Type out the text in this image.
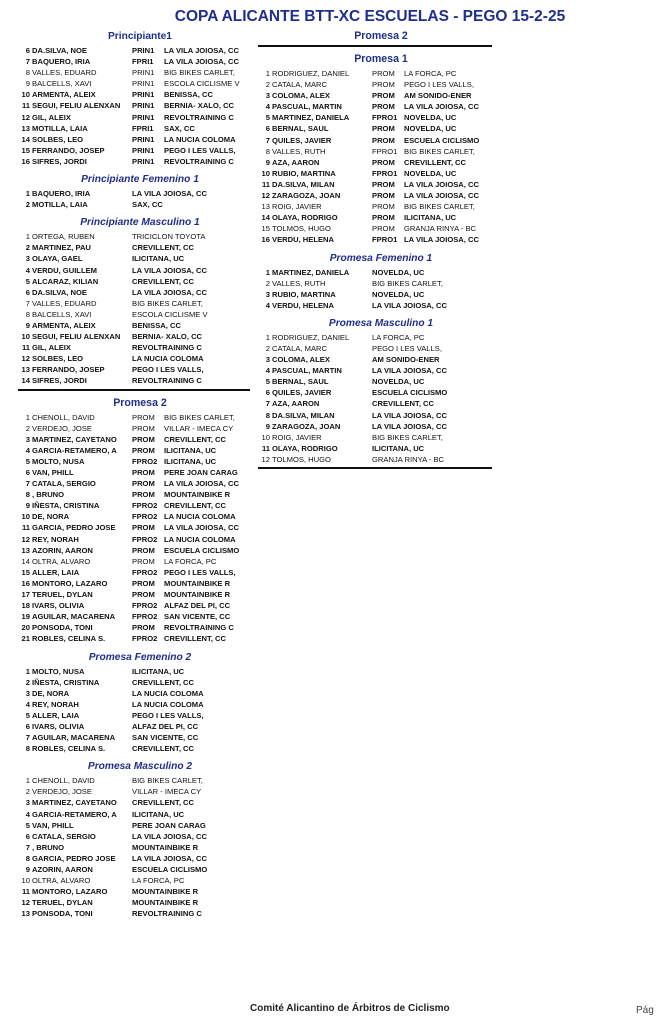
COPA ALICANTE BTT-XC ESCUELAS - PEGO 15-2-25
Principiante1
6 DA.SILVA, NOE	PRIN1	LA VILA JOIOSA, CC
7 BAQUERO, IRIA	FPRI1	LA VILA JOIOSA, CC
8 VALLES, EDUARD	PRIN1	BIG BIKES CARLET,
9 BALCELLS, XAVI	PRIN1	ESCOLA CICLISME V
10 ARMENTA, ALEIX	PRIN1	BENISSA, CC
11 SEGUI, FELIU ALENXAN	PRIN1	BERNIA- XALO, CC
12 GIL, ALEIX	PRIN1	REVOLTRAINING C
13 MOTILLA, LAIA	FPRI1	SAX, CC
14 SOLBES, LEO	PRIN1	LA NUCIA COLOMA
15 FERRANDO, JOSEP	PRIN1	PEGO I LES VALLS,
16 SIFRES, JORDI	PRIN1	REVOLTRAINING C
Principiante Femenino 1
1 BAQUERO, IRIA	LA VILA JOIOSA, CC
2 MOTILLA, LAIA	SAX, CC
Principiante Masculino 1
1 ORTEGA, RUBEN	TRICICLON TOYOTA
2 MARTINEZ, PAU	CREVILLENT, CC
3 OLAYA, GAEL	ILICITANA, UC
4 VERDU, GUILLEM	LA VILA JOIOSA, CC
5 ALCARAZ, KILIAN	CREVILLENT, CC
6 DA.SILVA, NOE	LA VILA JOIOSA, CC
7 VALLES, EDUARD	BIG BIKES CARLET,
8 BALCELLS, XAVI	ESCOLA CICLISME V
9 ARMENTA, ALEIX	BENISSA, CC
10 SEGUI, FELIU ALENXAN	BERNIA- XALO, CC
11 GIL, ALEIX	REVOLTRAINING C
12 SOLBES, LEO	LA NUCIA COLOMA
13 FERRANDO, JOSEP	PEGO I LES VALLS,
14 SIFRES, JORDI	REVOLTRAINING C
Promesa 2
1 CHENOLL, DAVID	PROM	BIG BIKES CARLET,
2 VERDEJO, JOSE	PROM	VILLAR - IMECA CY
3 MARTINEZ, CAYETANO	PROM	CREVILLENT, CC
4 GARCIA-RETAMERO, A	PROM	ILICITANA, UC
5 MOLTO, NUSA	FPRO2 ILICITANA, UC
6 VAN, PHILL	PROM	PERE JOAN CARAG
7 CATALA, SERGIO	PROM	LA VILA JOIOSA, CC
8 , BRUNO	PROM	MOUNTAINBIKE R
9 IÑESTA, CRISTINA	FPRO2 CREVILLENT, CC
10 DE, NORA	FPRO2 LA NUCIA COLOMA
11 GARCIA, PEDRO JOSE	PROM	LA VILA JOIOSA, CC
12 REY, NORAH	FPRO2 LA NUCIA COLOMA
13 AZORIN, AARON	PROM	ESCUELA CICLISMO
14 OLTRA, ALVARO	PROM	LA FORCA, PC
15 ALLER, LAIA	FPRO2 PEGO I LES VALLS,
16 MONTORO, LAZARO	PROM	MOUNTAINBIKE R
17 TERUEL, DYLAN	PROM	MOUNTAINBIKE R
18 IVARS, OLIVIA	FPRO2 ALFAZ DEL PI, CC
19 AGUILAR, MACARENA	FPRO2 SAN VICENTE, CC
20 PONSODA, TONI	PROM	REVOLTRAINING C
21 ROBLES, CELINA S.	FPRO2 CREVILLENT, CC
Promesa Femenino 2
1 MOLTO, NUSA	ILICITANA, UC
2 IÑESTA, CRISTINA	CREVILLENT, CC
3 DE, NORA	LA NUCIA COLOMA
4 REY, NORAH	LA NUCIA COLOMA
5 ALLER, LAIA	PEGO I LES VALLS,
6 IVARS, OLIVIA	ALFAZ DEL PI, CC
7 AGUILAR, MACARENA	SAN VICENTE, CC
8 ROBLES, CELINA S.	CREVILLENT, CC
Promesa Masculino 2
1 CHENOLL, DAVID	BIG BIKES CARLET,
2 VERDEJO, JOSE	VILLAR - IMECA CY
3 MARTINEZ, CAYETANO	CREVILLENT, CC
4 GARCIA-RETAMERO, A	ILICITANA, UC
5 VAN, PHILL	PERE JOAN CARAG
6 CATALA, SERGIO	LA VILA JOIOSA, CC
7 , BRUNO	MOUNTAINBIKE R
8 GARCIA, PEDRO JOSE	LA VILA JOIOSA, CC
9 AZORIN, AARON	ESCUELA CICLISMO
10 OLTRA, ALVARO	LA FORCA, PC
11 MONTORO, LAZARO	MOUNTAINBIKE R
12 TERUEL, DYLAN	MOUNTAINBIKE R
13 PONSODA, TONI	REVOLTRAINING C
Promesa 2
Promesa 1
1 RODRIGUEZ, DANIEL	PROM	LA FORCA, PC
2 CATALA, MARC	PROM	PEGO I LES VALLS,
3 COLOMA, ALEX	PROM	AM SONIDO-ENER
4 PASCUAL, MARTIN	PROM	LA VILA JOIOSA, CC
5 MARTINEZ, DANIELA	FPRO1 NOVELDA, UC
6 BERNAL, SAUL	PROM	NOVELDA, UC
7 QUILES, JAVIER	PROM	ESCUELA CICLISMO
8 VALLES, RUTH	FPRO1 BIG BIKES CARLET,
9 AZA, AARON	PROM	CREVILLENT, CC
10 RUBIO, MARTINA	FPRO1 NOVELDA, UC
11 DA.SILVA, MILAN	PROM	LA VILA JOIOSA, CC
12 ZARAGOZA, JOAN	PROM	LA VILA JOIOSA, CC
13 ROIG, JAVIER	PROM	BIG BIKES CARLET,
14 OLAYA, RODRIGO	PROM	ILICITANA, UC
15 TOLMOS, HUGO	PROM	GRANJA RINYA - BC
16 VERDU, HELENA	FPRO1 LA VILA JOIOSA, CC
Promesa Femenino 1
1 MARTINEZ, DANIELA	NOVELDA, UC
2 VALLES, RUTH	BIG BIKES CARLET,
3 RUBIO, MARTINA	NOVELDA, UC
4 VERDU, HELENA	LA VILA JOIOSA, CC
Promesa Masculino 1
1 RODRIGUEZ, DANIEL	LA FORCA, PC
2 CATALA, MARC	PEGO I LES VALLS,
3 COLOMA, ALEX	AM SONIDO-ENER
4 PASCUAL, MARTIN	LA VILA JOIOSA, CC
5 BERNAL, SAUL	NOVELDA, UC
6 QUILES, JAVIER	ESCUELA CICLISMO
7 AZA, AARON	CREVILLENT, CC
8 DA.SILVA, MILAN	LA VILA JOIOSA, CC
9 ZARAGOZA, JOAN	LA VILA JOIOSA, CC
10 ROIG, JAVIER	BIG BIKES CARLET,
11 OLAYA, RODRIGO	ILICITANA, UC
12 TOLMOS, HUGO	GRANJA RINYA - BC
Comité Alicantino de Árbitros de Ciclismo	Pág
